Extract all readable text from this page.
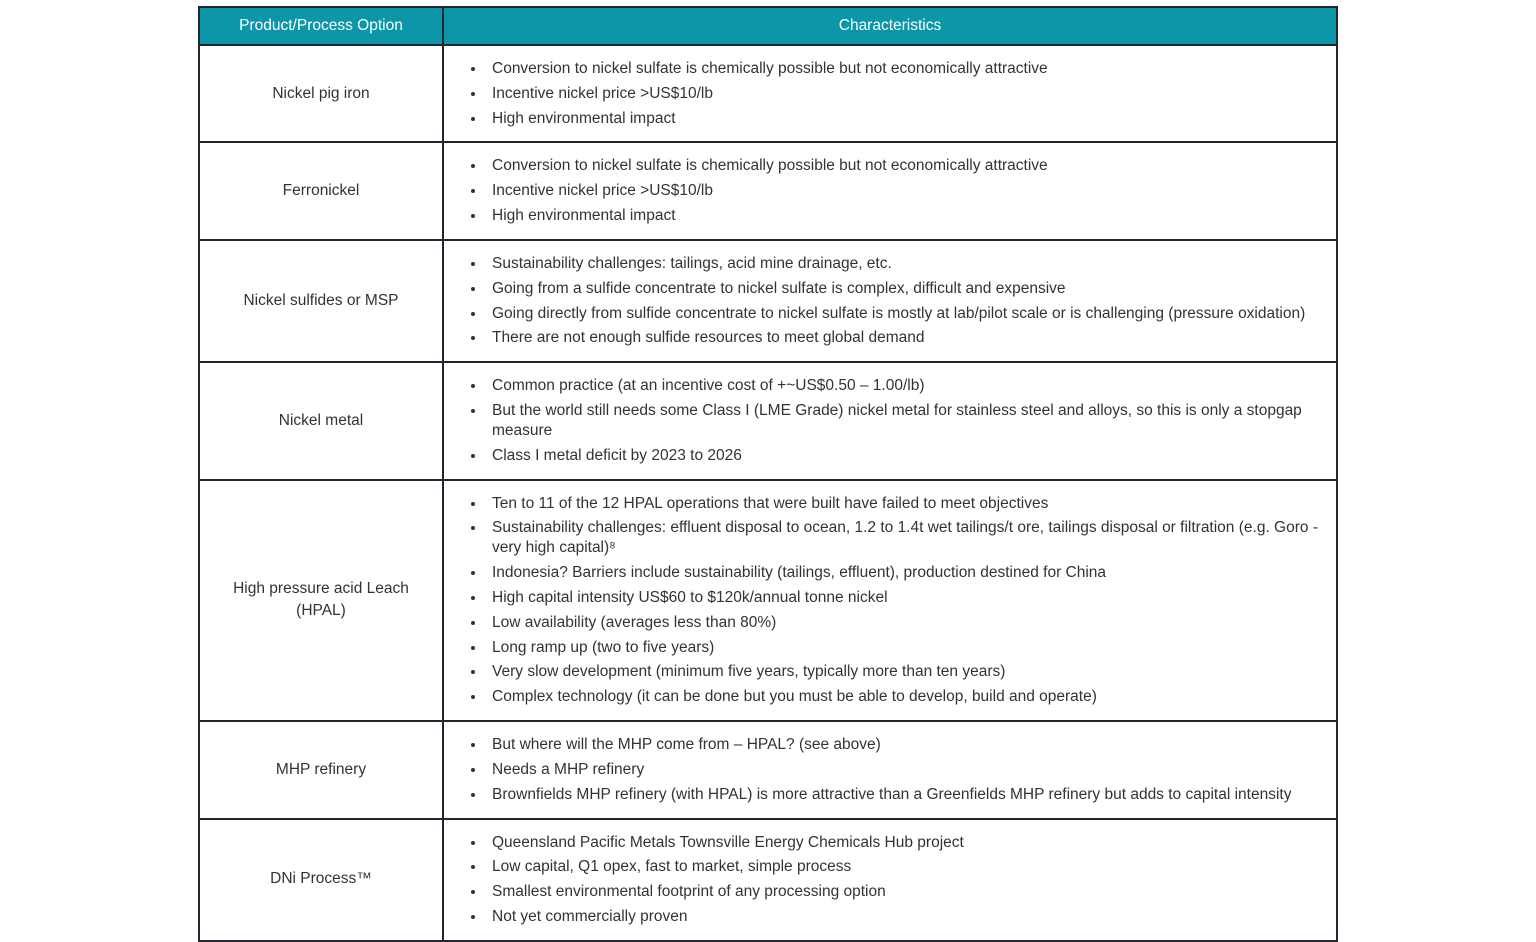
Product/Process Option	Characteristics
Nickel pig iron	
• Conversion to nickel sulfate is chemically possible but not economically attractive
• Incentive nickel price >US$10/lb
• High environmental impact

Ferronickel	
• Conversion to nickel sulfate is chemically possible but not economically attractive
• Incentive nickel price >US$10/lb
• High environmental impact

Nickel sulfides or MSP	
• Sustainability challenges: tailings, acid mine drainage, etc.
• Going from a sulfide concentrate to nickel sulfate is complex, difficult and expensive
• Going directly from sulfide concentrate to nickel sulfate is mostly at lab/pilot scale or is challenging (pressure oxidation)
• There are not enough sulfide resources to meet global demand

Nickel metal	
• Common practice (at an incentive cost of +~US$0.50 – 1.00/lb)
• But the world still needs some Class I (LME Grade) nickel metal for stainless steel and alloys, so this is only a stopgap measure
• Class I metal deficit by 2023 to 2026

High pressure acid Leach (HPAL)	
• Ten to 11 of the 12 HPAL operations that were built have failed to meet objectives
• Sustainability challenges: effluent disposal to ocean, 1.2 to 1.4t wet tailings/t ore, tailings disposal or filtration (e.g. Goro - very high capital)⁸
• Indonesia? Barriers include sustainability (tailings, effluent), production destined for China
• High capital intensity US$60 to $120k/annual tonne nickel
• Low availability (averages less than 80%)
• Long ramp up (two to five years)
• Very slow development (minimum five years, typically more than ten years)
• Complex technology (it can be done but you must be able to develop, build and operate)

MHP refinery	
• But where will the MHP come from – HPAL? (see above)
• Needs a MHP refinery
• Brownfields MHP refinery (with HPAL) is more attractive than a Greenfields MHP refinery but adds to capital intensity

DNi Process™	
• Queensland Pacific Metals Townsville Energy Chemicals Hub project
• Low capital, Q1 opex, fast to market, simple process
• Smallest environmental footprint of any processing option
• Not yet commercially proven
